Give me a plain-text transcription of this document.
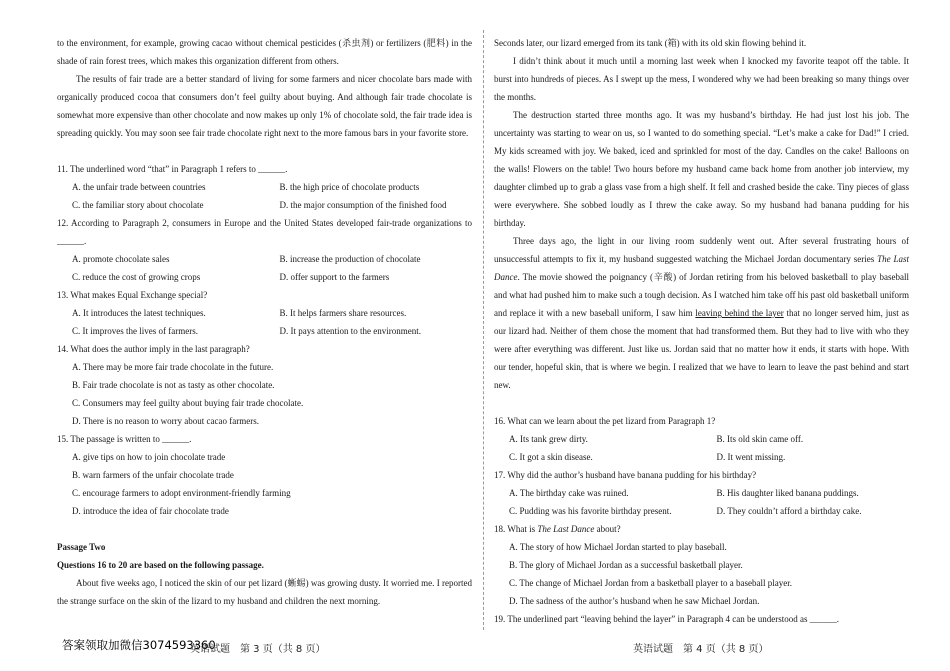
to the environment, for example, growing cacao without chemical pesticides (杀虫剂) or fertilizers (肥料) in the shade of rain forest trees, which makes this organization different from others.

The results of fair trade are a better standard of living for some farmers and nicer chocolate bars made with organically produced cocoa that consumers don’t feel guilty about buying. And although fair trade chocolate is somewhat more expensive than other chocolate and now makes up only 1% of chocolate sold, the fair trade idea is spreading quickly. You may soon see fair trade chocolate right next to the more famous bars in your favorite store.

11. The underlined word “that” in Paragraph 1 refers to ______.

A. the unfair trade between countries	B. the high price of chocolate products
C. the familiar story about chocolate	D. the major consumption of the finished food

12. According to Paragraph 2, consumers in Europe and the United States developed fair-trade organizations to ______.

A. promote chocolate sales	B. increase the production of chocolate
C. reduce the cost of growing crops	D. offer support to the farmers

13. What makes Equal Exchange special?

A. It introduces the latest techniques.	B. It helps farmers share resources.
C. It improves the lives of farmers.	D. It pays attention to the environment.

14. What does the author imply in the last paragraph?

A. There may be more fair trade chocolate in the future.
B. Fair trade chocolate is not as tasty as other chocolate.
C. Consumers may feel guilty about buying fair trade chocolate.
D. There is no reason to worry about cacao farmers.

15. The passage is written to ______.

A. give tips on how to join chocolate trade
B. warn farmers of the unfair chocolate trade
C. encourage farmers to adopt environment-friendly farming
D. introduce the idea of fair chocolate trade

Passage Two

Questions 16 to 20 are based on the following passage.

About five weeks ago, I noticed the skin of our pet lizard (蜥蜴) was growing dusty. It worried me. I reported the strange surface on the skin of the lizard to my husband and children the next morning.

Seconds later, our lizard emerged from its tank (箱) with its old skin flowing behind it.

I didn’t think about it much until a morning last week when I knocked my favorite teapot off the table. It burst into hundreds of pieces. As I swept up the mess, I wondered why we had been breaking so many things over the months.

The destruction started three months ago. It was my husband’s birthday. He had just lost his job. The uncertainty was starting to wear on us, so I wanted to do something special. “Let’s make a cake for Dad!” I cried. My kids screamed with joy. We baked, iced and sprinkled for most of the day. Candles on the cake! Balloons on the walls! Flowers on the table! Two hours before my husband came back home from another job interview, my daughter climbed up to grab a glass vase from a high shelf. It fell and crashed beside the cake. Tiny pieces of glass were everywhere. She sobbed loudly as I threw the cake away. So my husband had banana pudding for his birthday.

Three days ago, the light in our living room suddenly went out. After several frustrating hours of unsuccessful attempts to fix it, my husband suggested watching the Michael Jordan documentary series The Last Dance. The movie showed the poignancy (辛酸) of Jordan retiring from his beloved basketball to play baseball and what had pushed him to make such a tough decision. As I watched him take off his past old basketball uniform and replace it with a new baseball uniform, I saw him leaving behind the layer that no longer served him, just as our lizard had. Neither of them chose the moment that had transformed them. But they had to live with who they were after everything was different. Just like us. Jordan said that no matter how it ends, it starts with hope. With our tender, hopeful skin, that is where we begin. I realized that we have to learn to leave the past behind and start new.

16. What can we learn about the pet lizard from Paragraph 1?

A. Its tank grew dirty.	B. Its old skin came off.
C. It got a skin disease.	D. It went missing.

17. Why did the author’s husband have banana pudding for his birthday?

A. The birthday cake was ruined.	B. His daughter liked banana puddings.
C. Pudding was his favorite birthday present.	D. They couldn’t afford a birthday cake.

18. What is The Last Dance about?

A. The story of how Michael Jordan started to play baseball.
B. The glory of Michael Jordan as a successful basketball player.
C. The change of Michael Jordan from a basketball player to a baseball player.
D. The sadness of the author’s husband when he saw Michael Jordan.

19. The underlined part “leaving behind the layer” in Paragraph 4 can be understood as ______.

答案领取加微信3074593360
英语试题　第 3 页（共 8 页）	英语试题　第 4 页（共 8 页）
